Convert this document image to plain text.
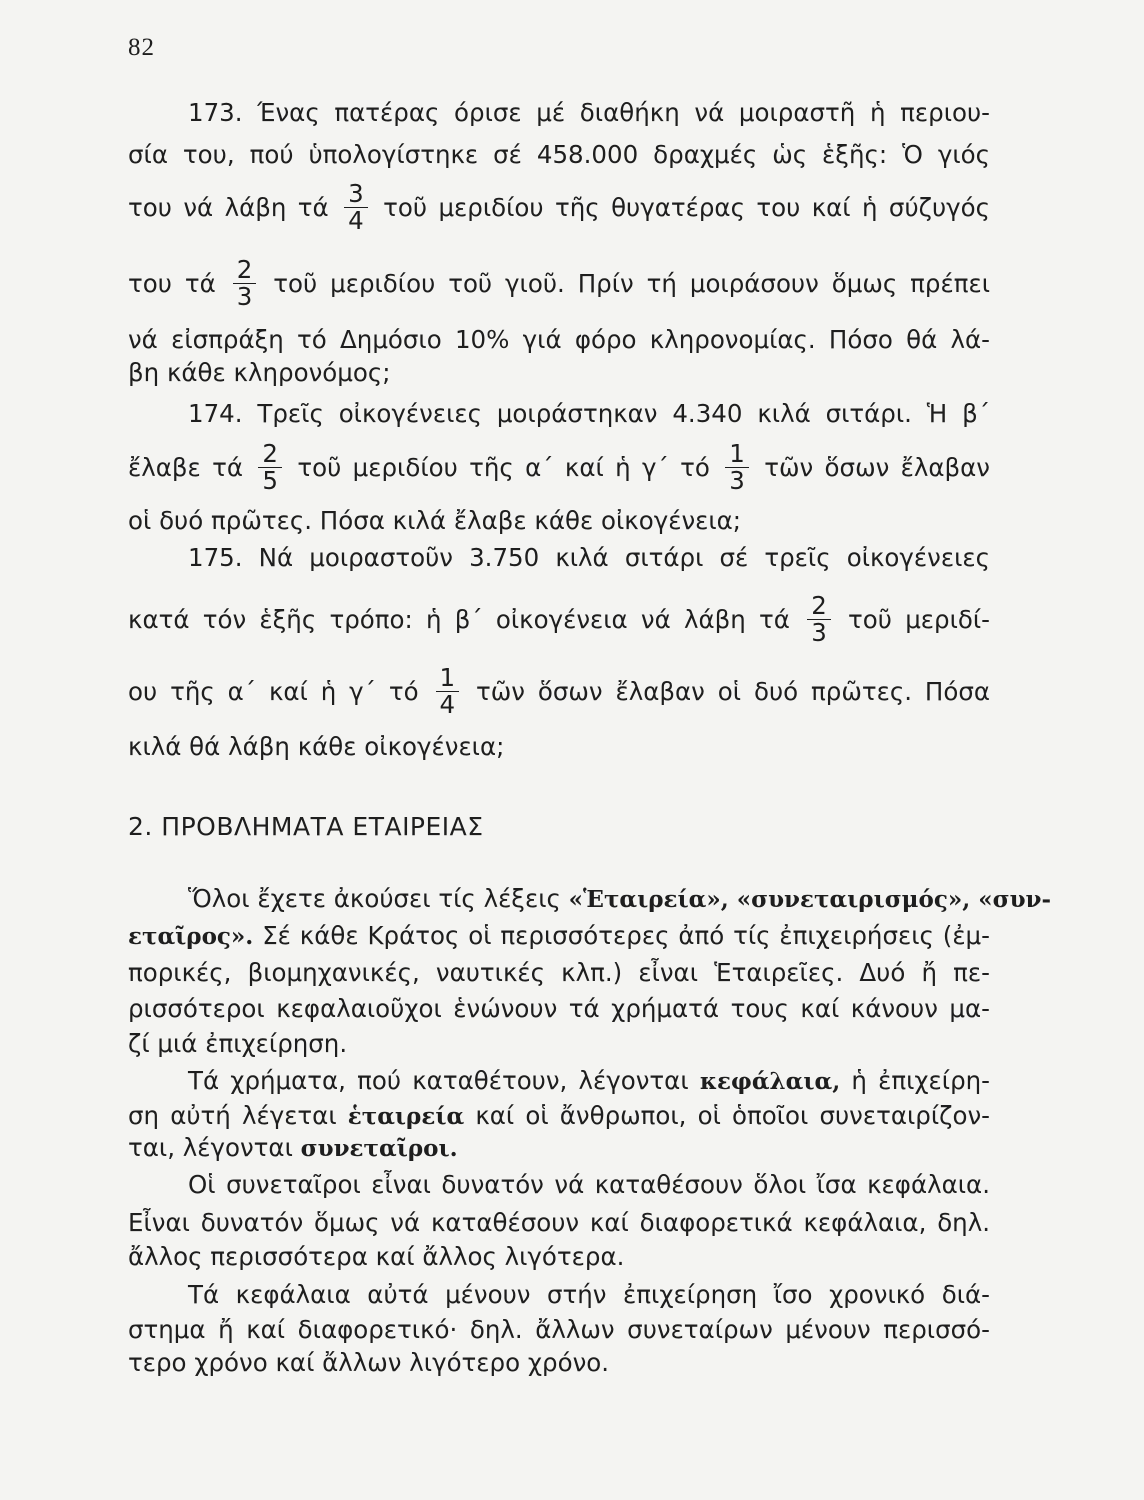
82
173. Ένας πατέρας όρισε μέ διαθήκη νά μοιραστῆ ἡ περιου-
σία του, πού ὑπολογίστηκε σέ 458.000 δραχμές ὡς ἑξῆς: Ὁ γιός
του νά λάβη τά $\frac{3}{4}$ τοῦ μεριδίου τῆς θυγατέρας του καί ἡ σύζυγός
του τά $\frac{2}{3}$ τοῦ μεριδίου τοῦ γιοῦ. Πρίν τή μοιράσουν ὅμως πρέπει
νά εἰσπράξη τό Δημόσιο 10% γιά φόρο κληρονομίας. Πόσο θά λά-
βη κάθε κληρονόμος;
174. Τρεῖς οἰκογένειες μοιράστηκαν 4.340 κιλά σιτάρι. Ἡ β΄
ἔλαβε τά $\frac{2}{5}$ τοῦ μεριδίου τῆς α΄ καί ἡ γ΄ τό $\frac{1}{3}$ τῶν ὅσων ἔλαβαν
οἱ δυό πρῶτες. Πόσα κιλά ἔλαβε κάθε οἰκογένεια;
175. Νά μοιραστοῦν 3.750 κιλά σιτάρι σέ τρεῖς οἰκογένειες
κατά τόν ἑξῆς τρόπο: ἡ β΄ οἰκογένεια νά λάβη τά $\frac{2}{3}$ τοῦ μεριδί-
ου τῆς α΄ καί ἡ γ΄ τό $\frac{1}{4}$ τῶν ὅσων ἔλαβαν οἱ δυό πρῶτες. Πόσα
κιλά θά λάβη κάθε οἰκογένεια;
2. ΠΡΟΒΛΗΜΑΤΑ ΕΤΑΙΡΕΙΑΣ
Ὅλοι ἔχετε ἀκούσει τίς λέξεις «Ἑταιρεία», «συνεταιρισμός», «συν-
εταῖρος». Σέ κάθε Κράτος οἱ περισσότερες ἀπό τίς ἐπιχειρήσεις (ἐμ-
πορικές, βιομηχανικές, ναυτικές κλπ.) εἶναι Ἑταιρεῖες. Δυό ἤ πε-
ρισσότεροι κεφαλαιοῦχοι ἑνώνουν τά χρήματά τους καί κάνουν μα-
ζί μιά ἐπιχείρηση.
Τά χρήματα, πού καταθέτουν, λέγονται κεφάλαια, ἡ ἐπιχείρη-
ση αὐτή λέγεται ἑταιρεία καί οἱ ἄνθρωποι, οἱ ὁποῖοι συνεταιρίζον-
ται, λέγονται συνεταῖροι.
Οἱ συνεταῖροι εἶναι δυνατόν νά καταθέσουν ὅλοι ἴσα κεφάλαια.
Εἶναι δυνατόν ὅμως νά καταθέσουν καί διαφορετικά κεφάλαια, δηλ.
ἄλλος περισσότερα καί ἄλλος λιγότερα.
Τά κεφάλαια αὐτά μένουν στήν ἐπιχείρηση ἴσο χρονικό διά-
στημα ἤ καί διαφορετικό· δηλ. ἄλλων συνεταίρων μένουν περισσό-
τερο χρόνο καί ἄλλων λιγότερο χρόνο.
